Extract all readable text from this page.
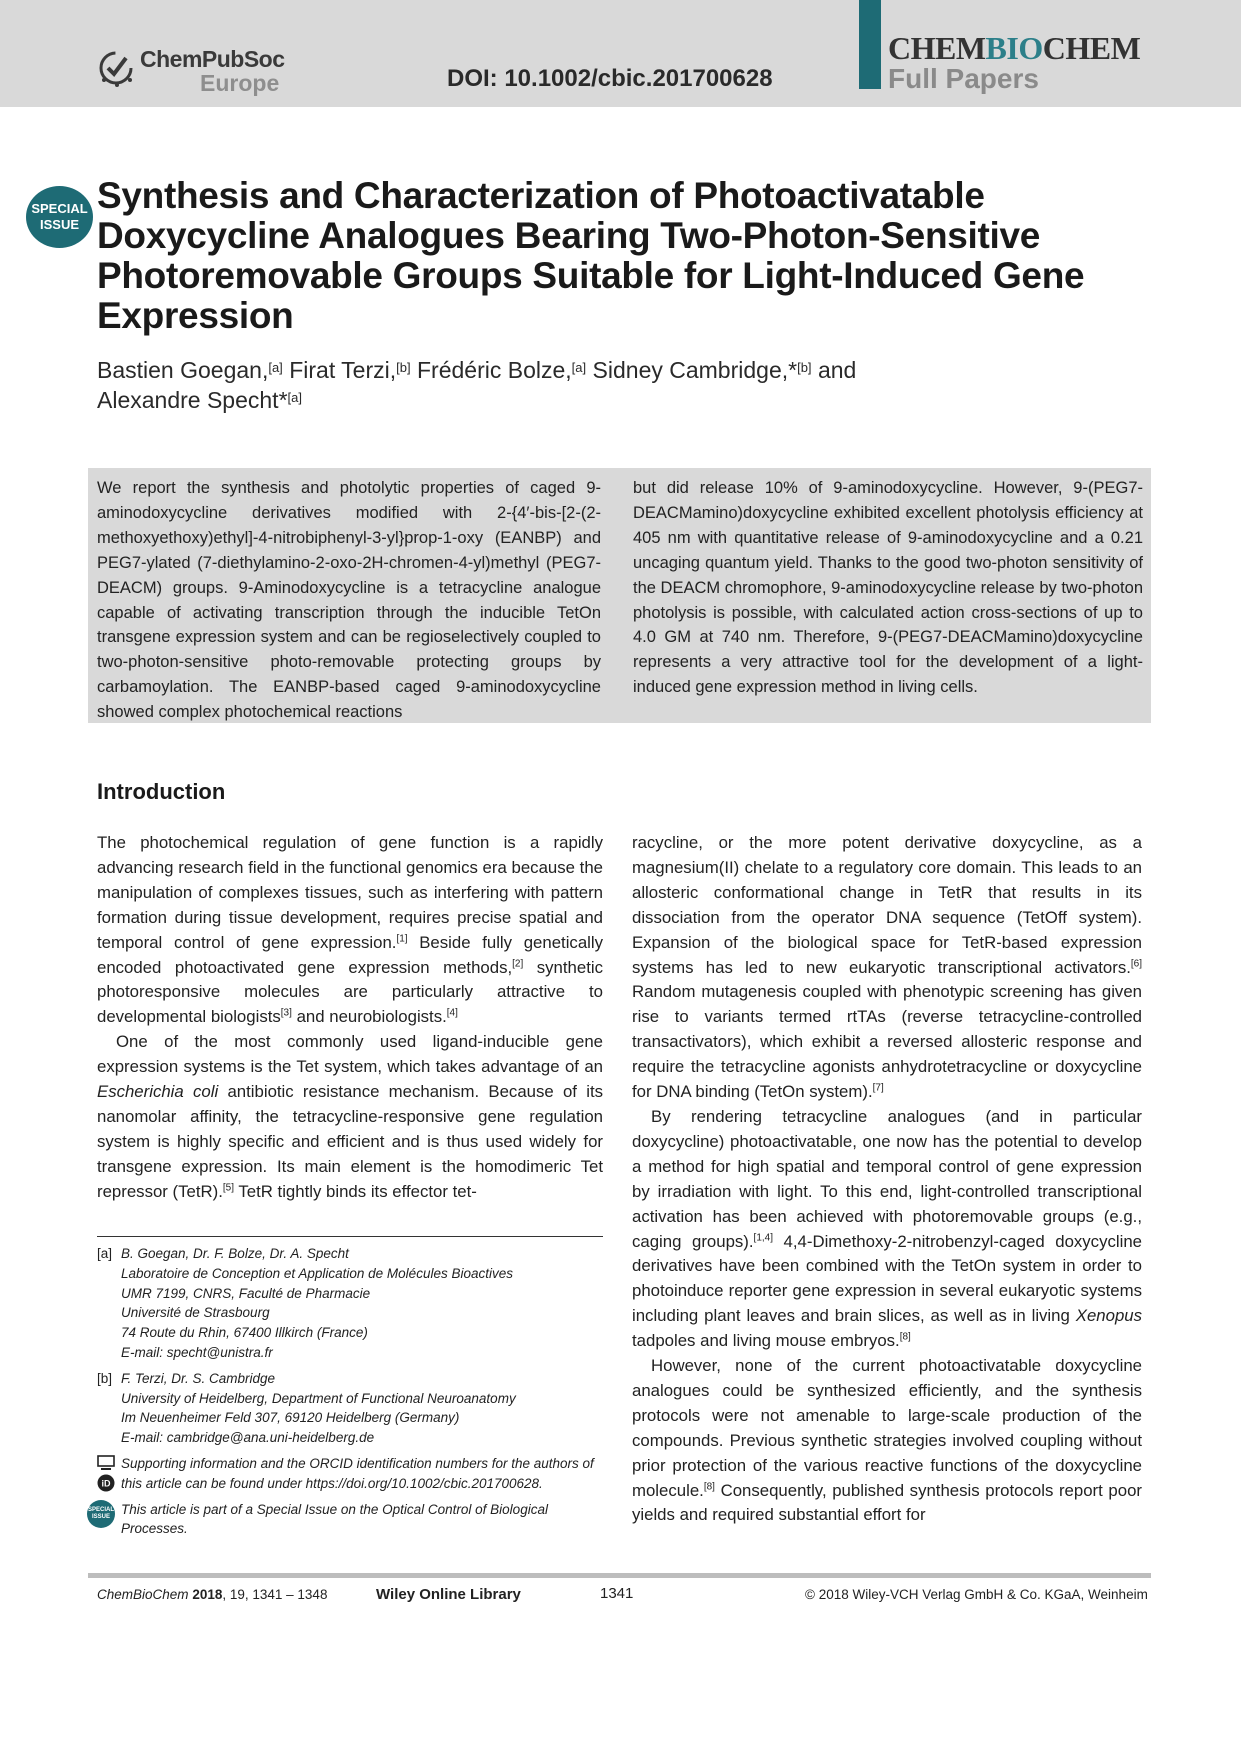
ChemPubSoc
Europe	DOI: 10.1002/cbic.201700628
CHEMBIOCHEM
Full Papers
SPECIAL
ISSUE
Synthesis and Characterization of Photoactivatable Doxycycline Analogues Bearing Two-Photon-Sensitive Photoremovable Groups Suitable for Light-Induced Gene Expression
Bastien Goegan,[a] Firat Terzi,[b] Frédéric Bolze,[a] Sidney Cambridge,*[b] and
Alexandre Specht*[a]
We report the synthesis and photolytic properties of caged 9-aminodoxycycline derivatives modified with 2-{4′-bis-[2-(2-methoxyethoxy)ethyl]-4-nitrobiphenyl-3-yl}prop-1-oxy (EANBP) and PEG7-ylated (7-diethylamino-2-oxo-2H-chromen-4-yl)methyl (PEG7-DEACM) groups. 9-Aminodoxycycline is a tetracycline analogue capable of activating transcription through the inducible TetOn transgene expression system and can be regioselectively coupled to two-photon-sensitive photo-removable protecting groups by carbamoylation. The EANBP-based caged 9-aminodoxycycline showed complex photochemical reactions
but did release 10% of 9-aminodoxycycline. However, 9-(PEG7-DEACMamino)doxycycline exhibited excellent photolysis efficiency at 405 nm with quantitative release of 9-aminodoxycycline and a 0.21 uncaging quantum yield. Thanks to the good two-photon sensitivity of the DEACM chromophore, 9-aminodoxycycline release by two-photon photolysis is possible, with calculated action cross-sections of up to 4.0 GM at 740 nm. Therefore, 9-(PEG7-DEACMamino)doxycycline represents a very attractive tool for the development of a light-induced gene expression method in living cells.
Introduction

The photochemical regulation of gene function is a rapidly advancing research field in the functional genomics era because the manipulation of complexes tissues, such as interfering with pattern formation during tissue development, requires precise spatial and temporal control of gene expression.[1] Beside fully genetically encoded photoactivated gene expression methods,[2] synthetic photoresponsive molecules are particularly attractive to developmental biologists[3] and neurobiologists.[4]

One of the most commonly used ligand-inducible gene expression systems is the Tet system, which takes advantage of an Escherichia coli antibiotic resistance mechanism. Because of its nanomolar affinity, the tetracycline-responsive gene regulation system is highly specific and efficient and is thus used widely for transgene expression. Its main element is the homodimeric Tet repressor (TetR).[5] TetR tightly binds its effector tet-

[a] B. Goegan, Dr. F. Bolze, Dr. A. Specht
Laboratoire de Conception et Application de Molécules Bioactives
UMR 7199, CNRS, Faculté de Pharmacie
Université de Strasbourg
74 Route du Rhin, 67400 Illkirch (France)
E-mail: specht@unistra.fr
[b] F. Terzi, Dr. S. Cambridge
University of Heidelberg, Department of Functional Neuroanatomy
Im Neuenheimer Feld 307, 69120 Heidelberg (Germany)
E-mail: cambridge@ana.uni-heidelberg.de
iD
Supporting information and the ORCID identification numbers for the authors of this article can be found under https://doi.org/10.1002/cbic.201700628.
SPECIAL ISSUE This article is part of a Special Issue on the Optical Control of Biological Processes.

racycline, or the more potent derivative doxycycline, as a magnesium(II) chelate to a regulatory core domain. This leads to an allosteric conformational change in TetR that results in its dissociation from the operator DNA sequence (TetOff system). Expansion of the biological space for TetR-based expression systems has led to new eukaryotic transcriptional activators.[6] Random mutagenesis coupled with phenotypic screening has given rise to variants termed rtTAs (reverse tetracycline-controlled transactivators), which exhibit a reversed allosteric response and require the tetracycline agonists anhydrotetracycline or doxycycline for DNA binding (TetOn system).[7]

By rendering tetracycline analogues (and in particular doxycycline) photoactivatable, one now has the potential to develop a method for high spatial and temporal control of gene expression by irradiation with light. To this end, light-controlled transcriptional activation has been achieved with photoremovable groups (e.g., caging groups).[1,4] 4,4-Dimethoxy-2-nitrobenzyl-caged doxycycline derivatives have been combined with the TetOn system in order to photoinduce reporter gene expression in several eukaryotic systems including plant leaves and brain slices, as well as in living Xenopus tadpoles and living mouse embryos.[8]

However, none of the current photoactivatable doxycycline analogues could be synthesized efficiently, and the synthesis protocols were not amenable to large-scale production of the compounds. Previous synthetic strategies involved coupling without prior protection of the various reactive functions of the doxycycline molecule.[8] Consequently, published synthesis protocols report poor yields and required substantial effort for

ChemBioChem 2018, 19, 1341 – 1348	Wiley Online Library	1341	© 2018 Wiley-VCH Verlag GmbH & Co. KGaA, Weinheim
